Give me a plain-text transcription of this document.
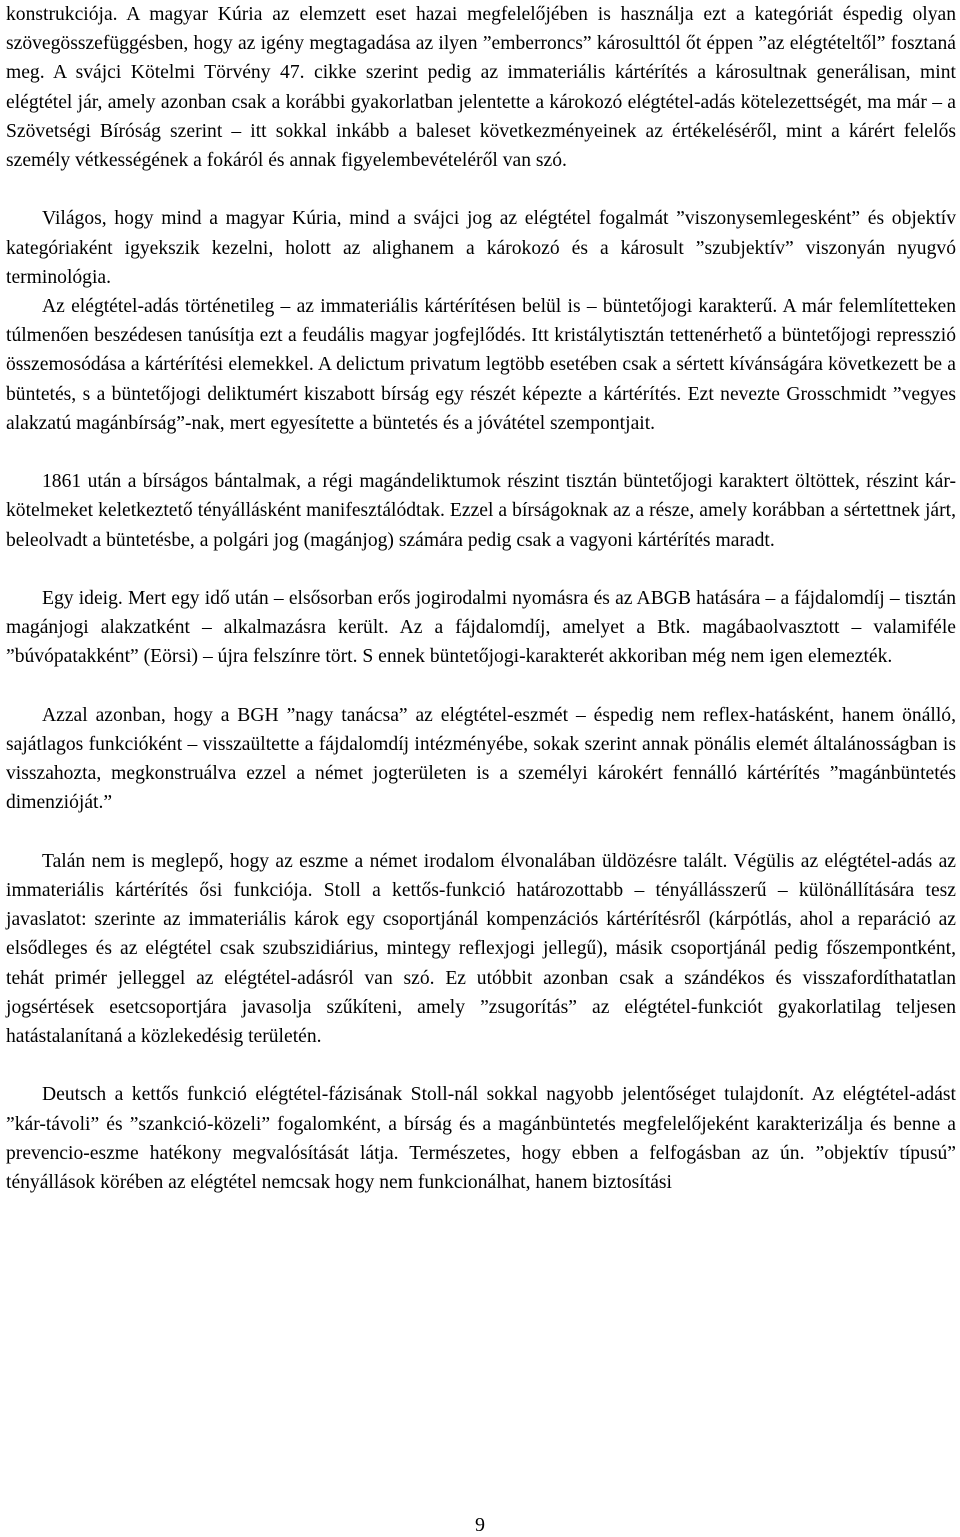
konstrukciója. A magyar Kúria az elemzett eset hazai megfelelőjében is használja ezt a kategóriát éspedig olyan szövegösszefüggésben, hogy az igény megtagadása az ilyen ”emberroncs” károsulttól őt éppen ”az elégtételtől” fosztaná meg. A svájci Kötelmi Törvény 47. cikke szerint pedig az immateriális kártérítés a károsultnak generálisan, mint elégtétel jár, amely azonban csak a korábbi gyakorlatban jelentette a károkozó elégtétel-adás kötelezettségét, ma már – a Szövetségi Bíróság szerint – itt sokkal inkább a baleset következményeinek az értékeléséről, mint a kárért felelős személy vétkességének a fokáról és annak figyelembevételéről van szó.

Világos, hogy mind a magyar Kúria, mind a svájci jog az elégtétel fogalmát ”viszonysemlegesként” és objektív kategóriaként igyekszik kezelni, holott az alighanem a károkozó és a károsult ”szubjektív” viszonyán nyugvó terminológia.

Az elégtétel-adás történetileg – az immateriális kártérítésen belül is – büntetőjogi karakterű. A már felemlítetteken túlmenően beszédesen tanúsítja ezt a feudális magyar jogfejlődés. Itt kristálytisztán tettenérhető a büntetőjogi represszió összemosódása a kártérítési elemekkel. A delictum privatum legtöbb esetében csak a sértett kívánságára következett be a büntetés, s a büntetőjogi deliktumért kiszabott bírság egy részét képezte a kártérítés. Ezt nevezte Grosschmidt ”vegyes alakzatú magánbírság”-nak, mert egyesítette a büntetés és a jóvátétel szempontjait.

1861 után a bírságos bántalmak, a régi magándeliktumok részint tisztán büntetőjogi karaktert öltöttek, részint kár-kötelmeket keletkeztető tényállásként manifesztálódtak. Ezzel a bírságoknak az a része, amely korábban a sértettnek járt, beleolvadt a büntetésbe, a polgári jog (magánjog) számára pedig csak a vagyoni kártérítés maradt.

Egy ideig. Mert egy idő után – elsősorban erős jogirodalmi nyomásra és az ABGB hatására – a fájdalomdíj – tisztán magánjogi alakzatként – alkalmazásra került. Az a fájdalomdíj, amelyet a Btk. magábaolvasztott – valamiféle ”búvópatakként” (Eörsi) – újra felszínre tört. S ennek büntetőjogi-karakterét akkoriban még nem igen elemezték.

Azzal azonban, hogy a BGH ”nagy tanácsa” az elégtétel-eszmét – éspedig nem reflex-hatásként, hanem önálló, sajátlagos funkcióként – visszaültette a fájdalomdíj intézményébe, sokak szerint annak pönális elemét általánosságban is visszahozta, megkonstruálva ezzel a német jogterületen is a személyi károkért fennálló kártérítés ”magánbüntetés dimenzióját.”

Talán nem is meglepő, hogy az eszme a német irodalom élvonalában üldözésre talált. Végülis az elégtétel-adás az immateriális kártérítés ősi funkciója. Stoll a kettős-funkció határozottabb – tényállásszerű – különállítására tesz javaslatot: szerinte az immateriális károk egy csoportjánál kompenzációs kártérítésről (kárpótlás, ahol a reparáció az elsődleges és az elégtétel csak szubszidiárius, mintegy reflexjogi jellegű), másik csoportjánál pedig főszempontként, tehát primér jelleggel az elégtétel-adásról van szó. Ez utóbbit azonban csak a szándékos és visszafordíthatatlan jogsértések esetcsoportjára javasolja szűkíteni, amely ”zsugorítás” az elégtétel-funkciót gyakorlatilag teljesen hatástalanítaná a közlekedésig területén.

Deutsch a kettős funkció elégtétel-fázisának Stoll-nál sokkal nagyobb jelentőséget tulajdonít. Az elégtétel-adást ”kár-távoli” és ”szankció-közeli” fogalomként, a bírság és a magánbüntetés megfelelőjeként karakterizálja és benne a prevencio-eszme hatékony megvalósítását látja. Természetes, hogy ebben a felfogásban az ún. ”objektív típusú” tényállások körében az elégtétel nemcsak hogy nem funkcionálhat, hanem biztosítási

9
